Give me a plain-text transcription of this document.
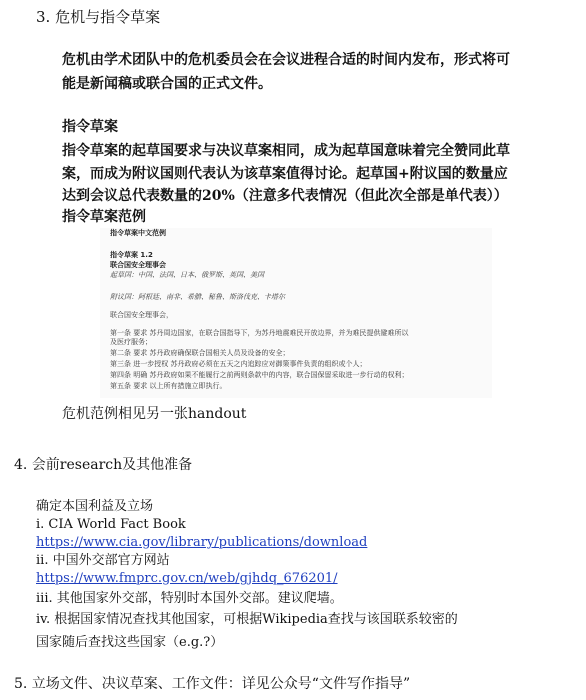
3. 危机与指令草案
危机由学术团队中的危机委员会在会议进程合适的时间内发布，形式将可
能是新闻稿或联合国的正式文件。
指令草案
指令草案的起草国要求与决议草案相同，成为起草国意味着完全赞同此草
案，而成为附议国则代表认为该草案值得讨论。起草国+附议国的数量应
达到会议总代表数量的20%（注意多代表情况（但此次全部是单代表））
指令草案范例
指令草案中文范例
指令草案 1.2
联合国安全理事会
起草国：中国、法国、日本、俄罗斯、英国、美国
附议国：阿根廷、南非、希腊、秘鲁、斯洛伐克、卡塔尔
联合国安全理事会，
第一条 要求 苏丹周边国家，在联合国指导下，为苏丹地震难民开放边界，并为难民提供避难所以
及医疗服务；
第二条 要求 苏丹政府确保联合国相关人员及设备的安全；
第三条 进一步授权 苏丹政府必须在五天之内追踪应对御策事件负责的组织或个人；
第四条 明确 苏丹政府如果不能履行之前两则条款中的内容，联合国保留采取进一步行动的权利；
第五条 要求 以上所有措施立即执行。
危机范例相见另一张handout
4. 会前research及其他准备
确定本国利益及立场
i. CIA World Fact Book
https://www.cia.gov/library/publications/download
ii. 中国外交部官方网站
https://www.fmprc.gov.cn/web/gjhdq_676201/
iii. 其他国家外交部，特别时本国外交部。建议爬墙。
iv. 根据国家情况查找其他国家，可根据Wikipedia查找与该国联系较密的
国家随后查找这些国家（e.g.?）
5. 立场文件、决议草案、工作文件：详见公众号“文件写作指导”
